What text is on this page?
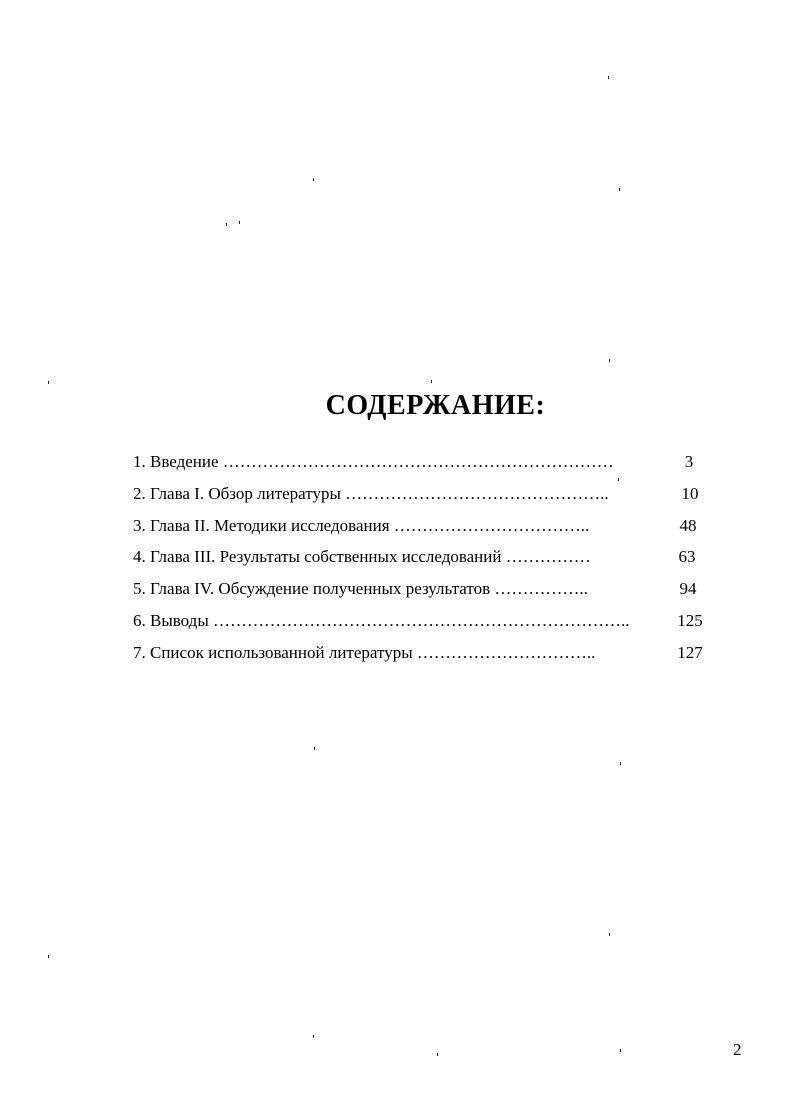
СОДЕРЖАНИЕ:
1. Введение ……………………………………………………………	3
2. Глава I. Обзор литературы ………………………………………..	10
3. Глава II. Методики исследования ……………………………..	48
4. Глава III. Результаты собственных исследований ……………	63
5. Глава IV. Обсуждение полученных результатов ……………..	94
6. Выводы ………………………………………………………………..	125
7. Список использованной литературы …………………………..	127
2
